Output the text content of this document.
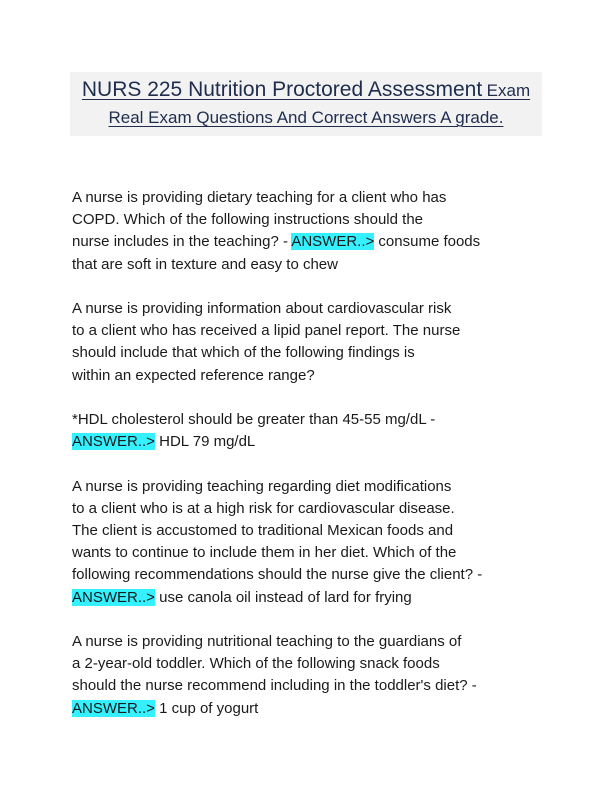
NURS 225 Nutrition Proctored Assessment Exam
Real Exam Questions And Correct Answers A grade.
A nurse is providing dietary teaching for a client who has
COPD. Which of the following instructions should the
nurse includes in the teaching? - ANSWER..> consume foods
that are soft in texture and easy to chew
A nurse is providing information about cardiovascular risk
to a client who has received a lipid panel report. The nurse
should include that which of the following findings is
within an expected reference range?
*HDL cholesterol should be greater than 45-55 mg/dL -
ANSWER..> HDL 79 mg/dL
A nurse is providing teaching regarding diet modifications
to a client who is at a high risk for cardiovascular disease.
The client is accustomed to traditional Mexican foods and
wants to continue to include them in her diet. Which of the
following recommendations should the nurse give the client? -
ANSWER..> use canola oil instead of lard for frying
A nurse is providing nutritional teaching to the guardians of
a 2-year-old toddler. Which of the following snack foods
should the nurse recommend including in the toddler's diet? -
ANSWER..> 1 cup of yogurt
